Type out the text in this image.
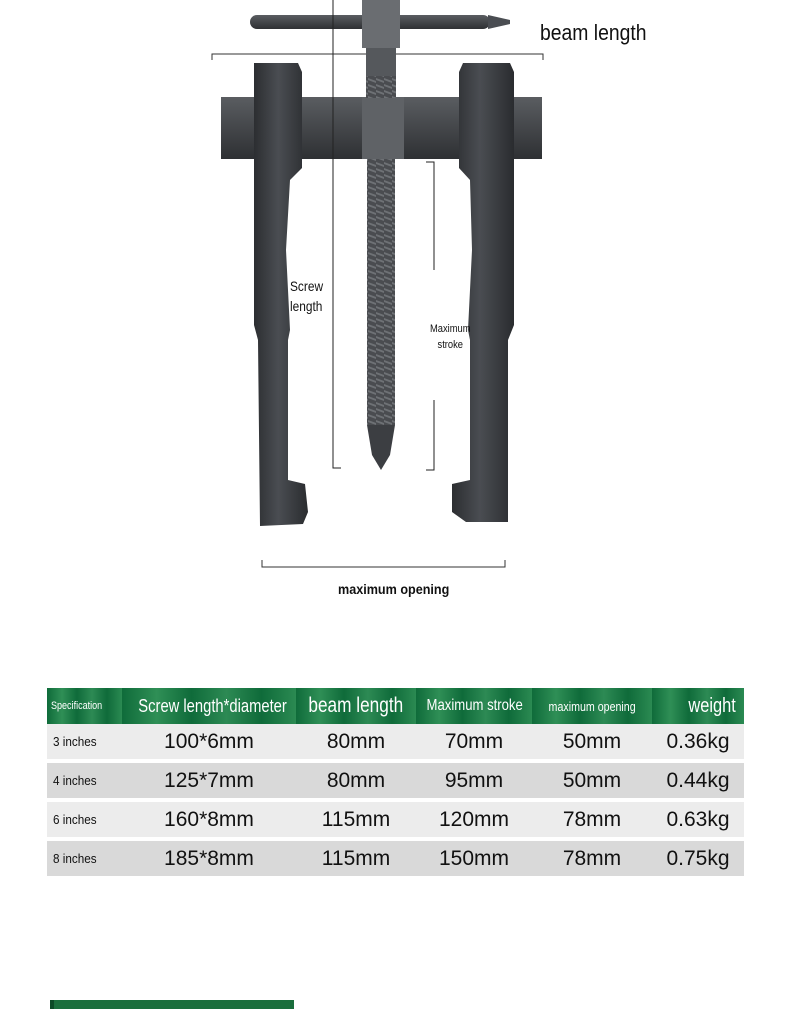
beam length
Screw
length
Maximum
stroke
maximum opening
Specification	Screw length*diameter	beam length	Maximum stroke	maximum opening	weight
3 inches	100*6mm	80mm	70mm	50mm	0.36kg
4 inches	125*7mm	80mm	95mm	50mm	0.44kg
6 inches	160*8mm	115mm	120mm	78mm	0.63kg
8 inches	185*8mm	115mm	150mm	78mm	0.75kg
